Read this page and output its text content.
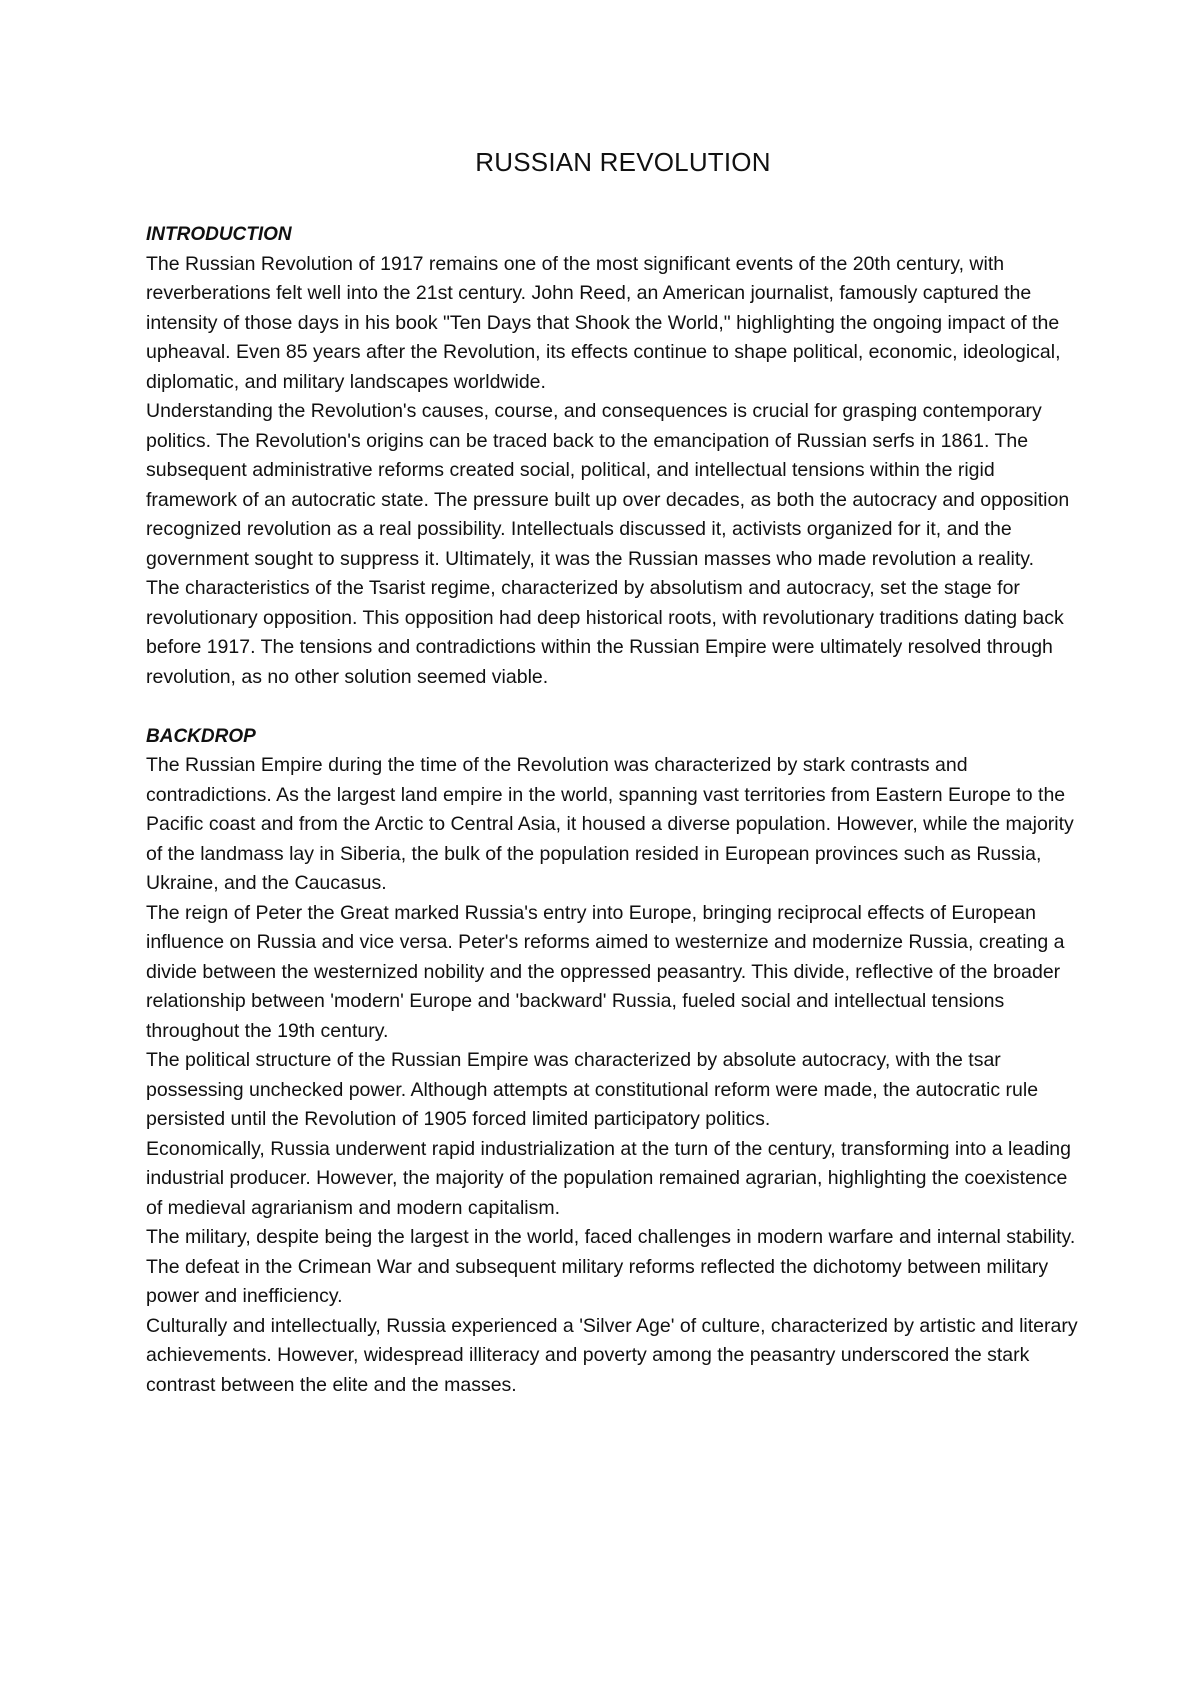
RUSSIAN REVOLUTION
INTRODUCTION

The Russian Revolution of 1917 remains one of the most significant events of the 20th century, with reverberations felt well into the 21st century. John Reed, an American journalist, famously captured the intensity of those days in his book "Ten Days that Shook the World," highlighting the ongoing impact of the upheaval. Even 85 years after the Revolution, its effects continue to shape political, economic, ideological, diplomatic, and military landscapes worldwide.

Understanding the Revolution's causes, course, and consequences is crucial for grasping contemporary politics. The Revolution's origins can be traced back to the emancipation of Russian serfs in 1861. The subsequent administrative reforms created social, political, and intellectual tensions within the rigid framework of an autocratic state. The pressure built up over decades, as both the autocracy and opposition recognized revolution as a real possibility. Intellectuals discussed it, activists organized for it, and the government sought to suppress it. Ultimately, it was the Russian masses who made revolution a reality.

The characteristics of the Tsarist regime, characterized by absolutism and autocracy, set the stage for revolutionary opposition. This opposition had deep historical roots, with revolutionary traditions dating back before 1917. The tensions and contradictions within the Russian Empire were ultimately resolved through revolution, as no other solution seemed viable.

BACKDROP

The Russian Empire during the time of the Revolution was characterized by stark contrasts and contradictions. As the largest land empire in the world, spanning vast territories from Eastern Europe to the Pacific coast and from the Arctic to Central Asia, it housed a diverse population. However, while the majority of the landmass lay in Siberia, the bulk of the population resided in European provinces such as Russia, Ukraine, and the Caucasus.

The reign of Peter the Great marked Russia's entry into Europe, bringing reciprocal effects of European influence on Russia and vice versa. Peter's reforms aimed to westernize and modernize Russia, creating a divide between the westernized nobility and the oppressed peasantry. This divide, reflective of the broader relationship between 'modern' Europe and 'backward' Russia, fueled social and intellectual tensions throughout the 19th century.

The political structure of the Russian Empire was characterized by absolute autocracy, with the tsar possessing unchecked power. Although attempts at constitutional reform were made, the autocratic rule persisted until the Revolution of 1905 forced limited participatory politics.

Economically, Russia underwent rapid industrialization at the turn of the century, transforming into a leading industrial producer. However, the majority of the population remained agrarian, highlighting the coexistence of medieval agrarianism and modern capitalism.

The military, despite being the largest in the world, faced challenges in modern warfare and internal stability. The defeat in the Crimean War and subsequent military reforms reflected the dichotomy between military power and inefficiency.

Culturally and intellectually, Russia experienced a 'Silver Age' of culture, characterized by artistic and literary achievements. However, widespread illiteracy and poverty among the peasantry underscored the stark contrast between the elite and the masses.
